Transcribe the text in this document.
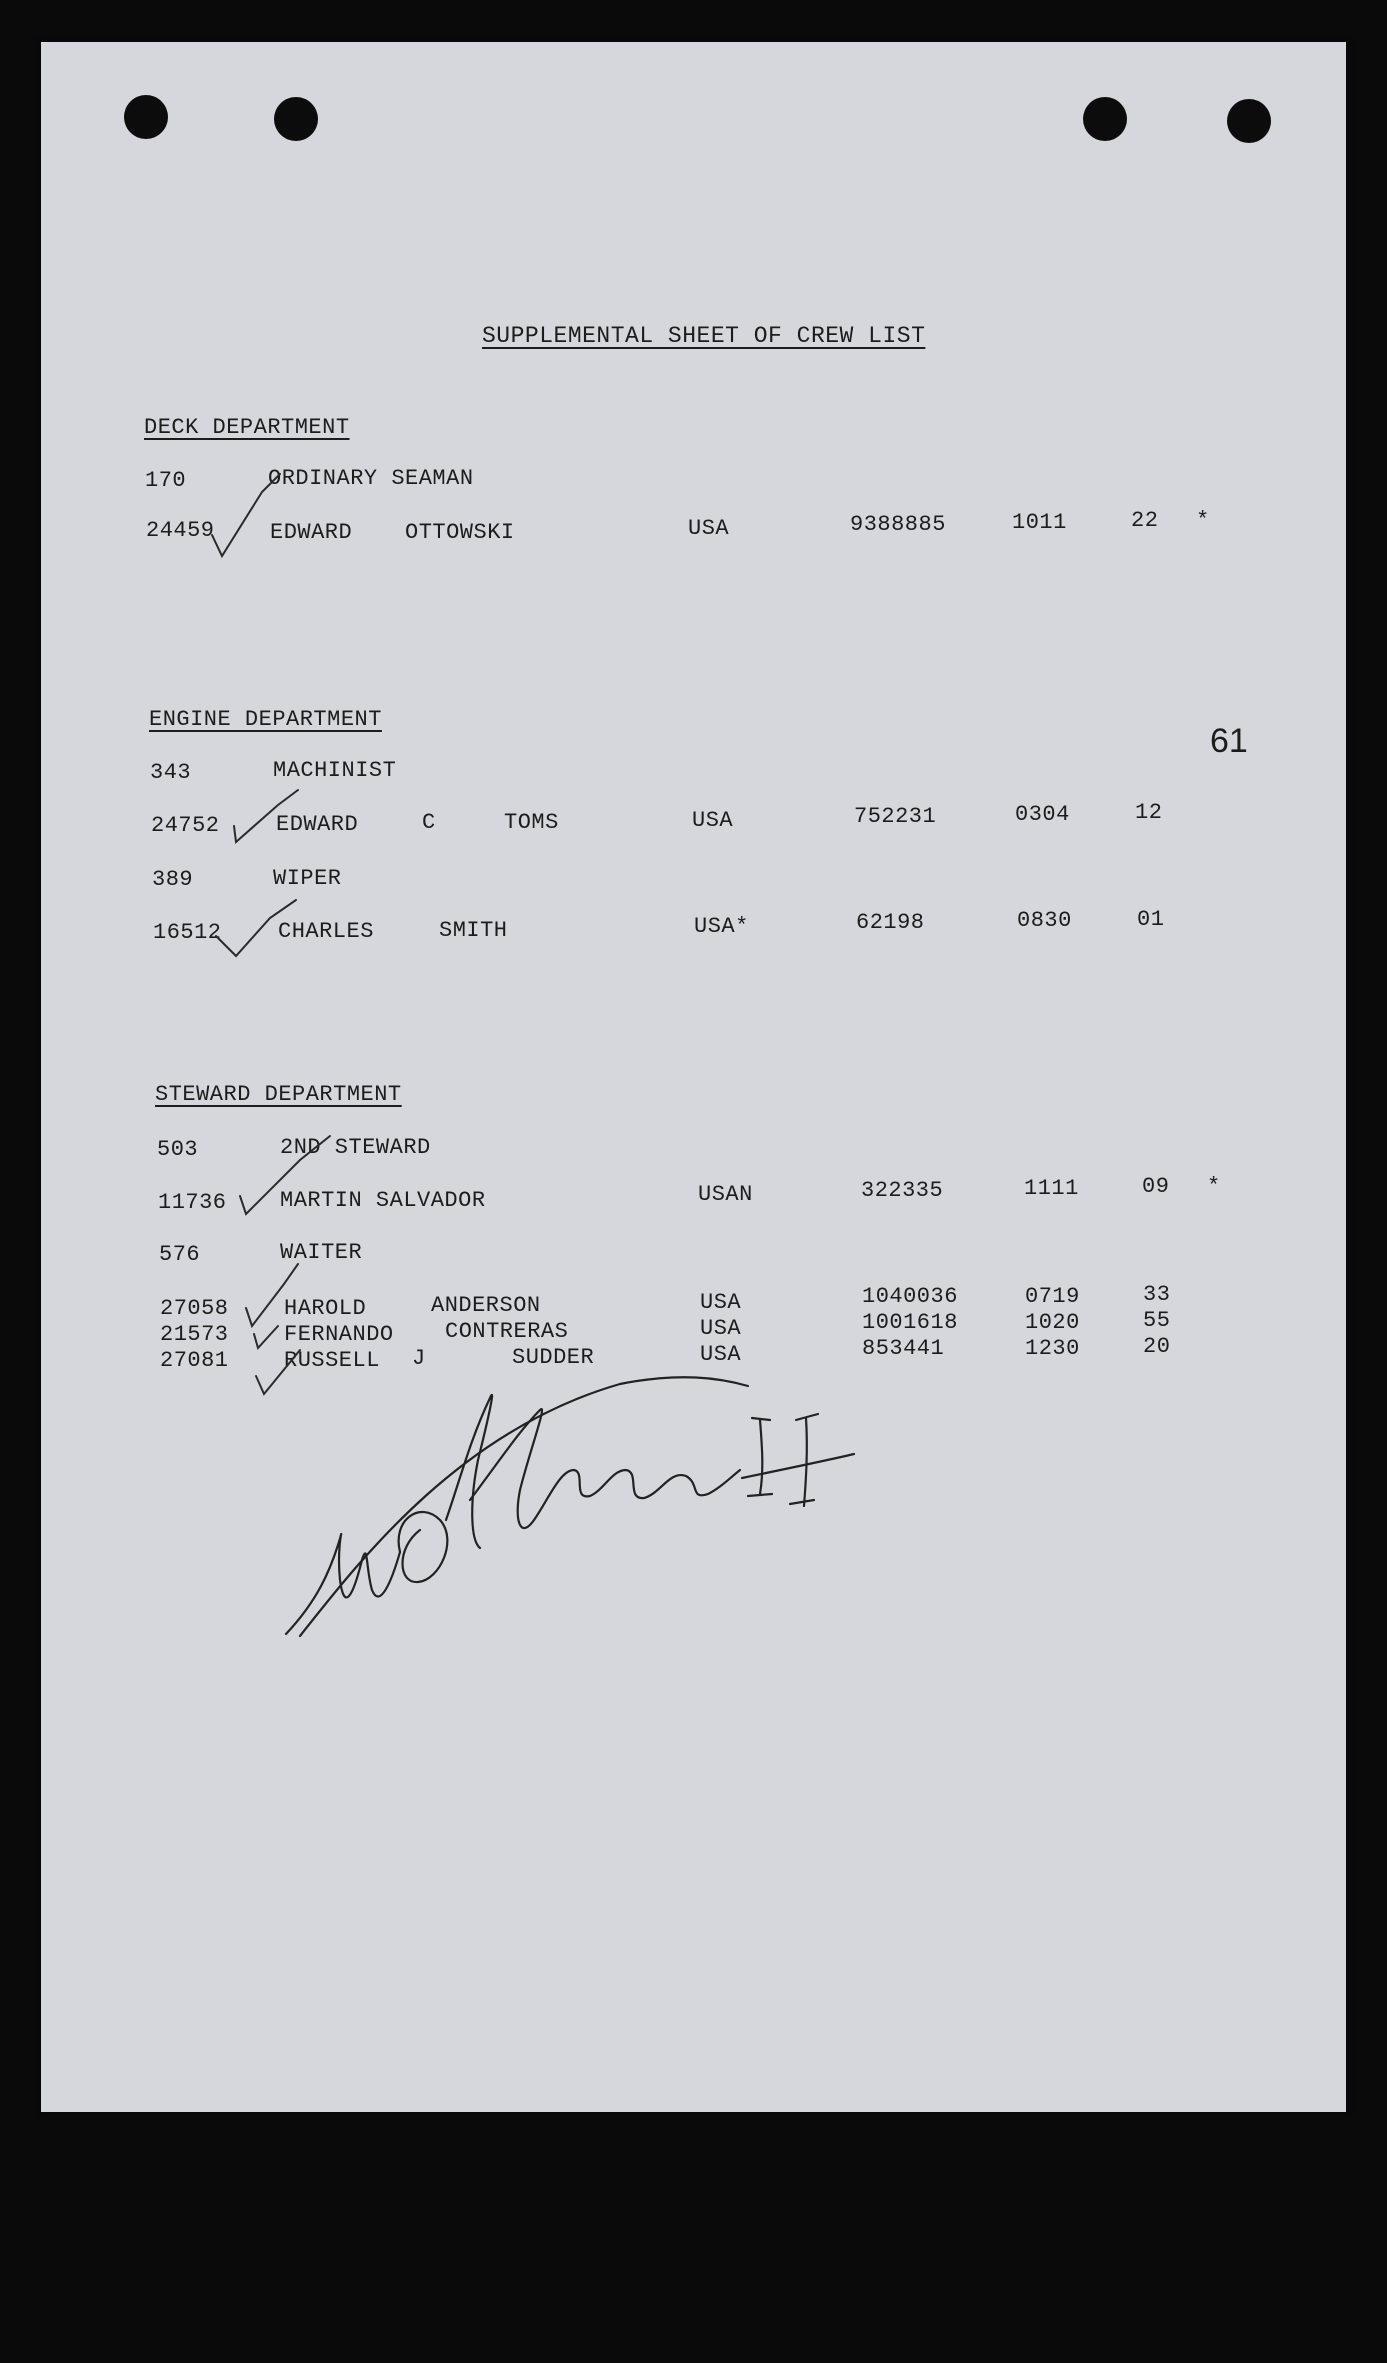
SUPPLEMENTAL SHEET OF CREW LIST
61
DECK DEPARTMENT
170	ORDINARY SEAMAN
24459	EDWARD OTTOWSKI	USA	9388885	1011	22 *
ENGINE DEPARTMENT
343	MACHINIST
24752	EDWARD	C	TOMS	USA	752231	0304	12
389	WIPER
16512	CHARLES	SMITH	USA*	62198	0830	01
STEWARD DEPARTMENT
503	2ND STEWARD
11736 MARTIN SALVADOR	USAN	322335	1111	09 *
576	WAITER
27058	HAROLD	ANDERSON	USA	1040036	0719	33
21573	FERNANDO CONTRERAS	USA	1001618	1020	55
27081	RUSSELL J	SUDDER	USA	853441	1230	20
